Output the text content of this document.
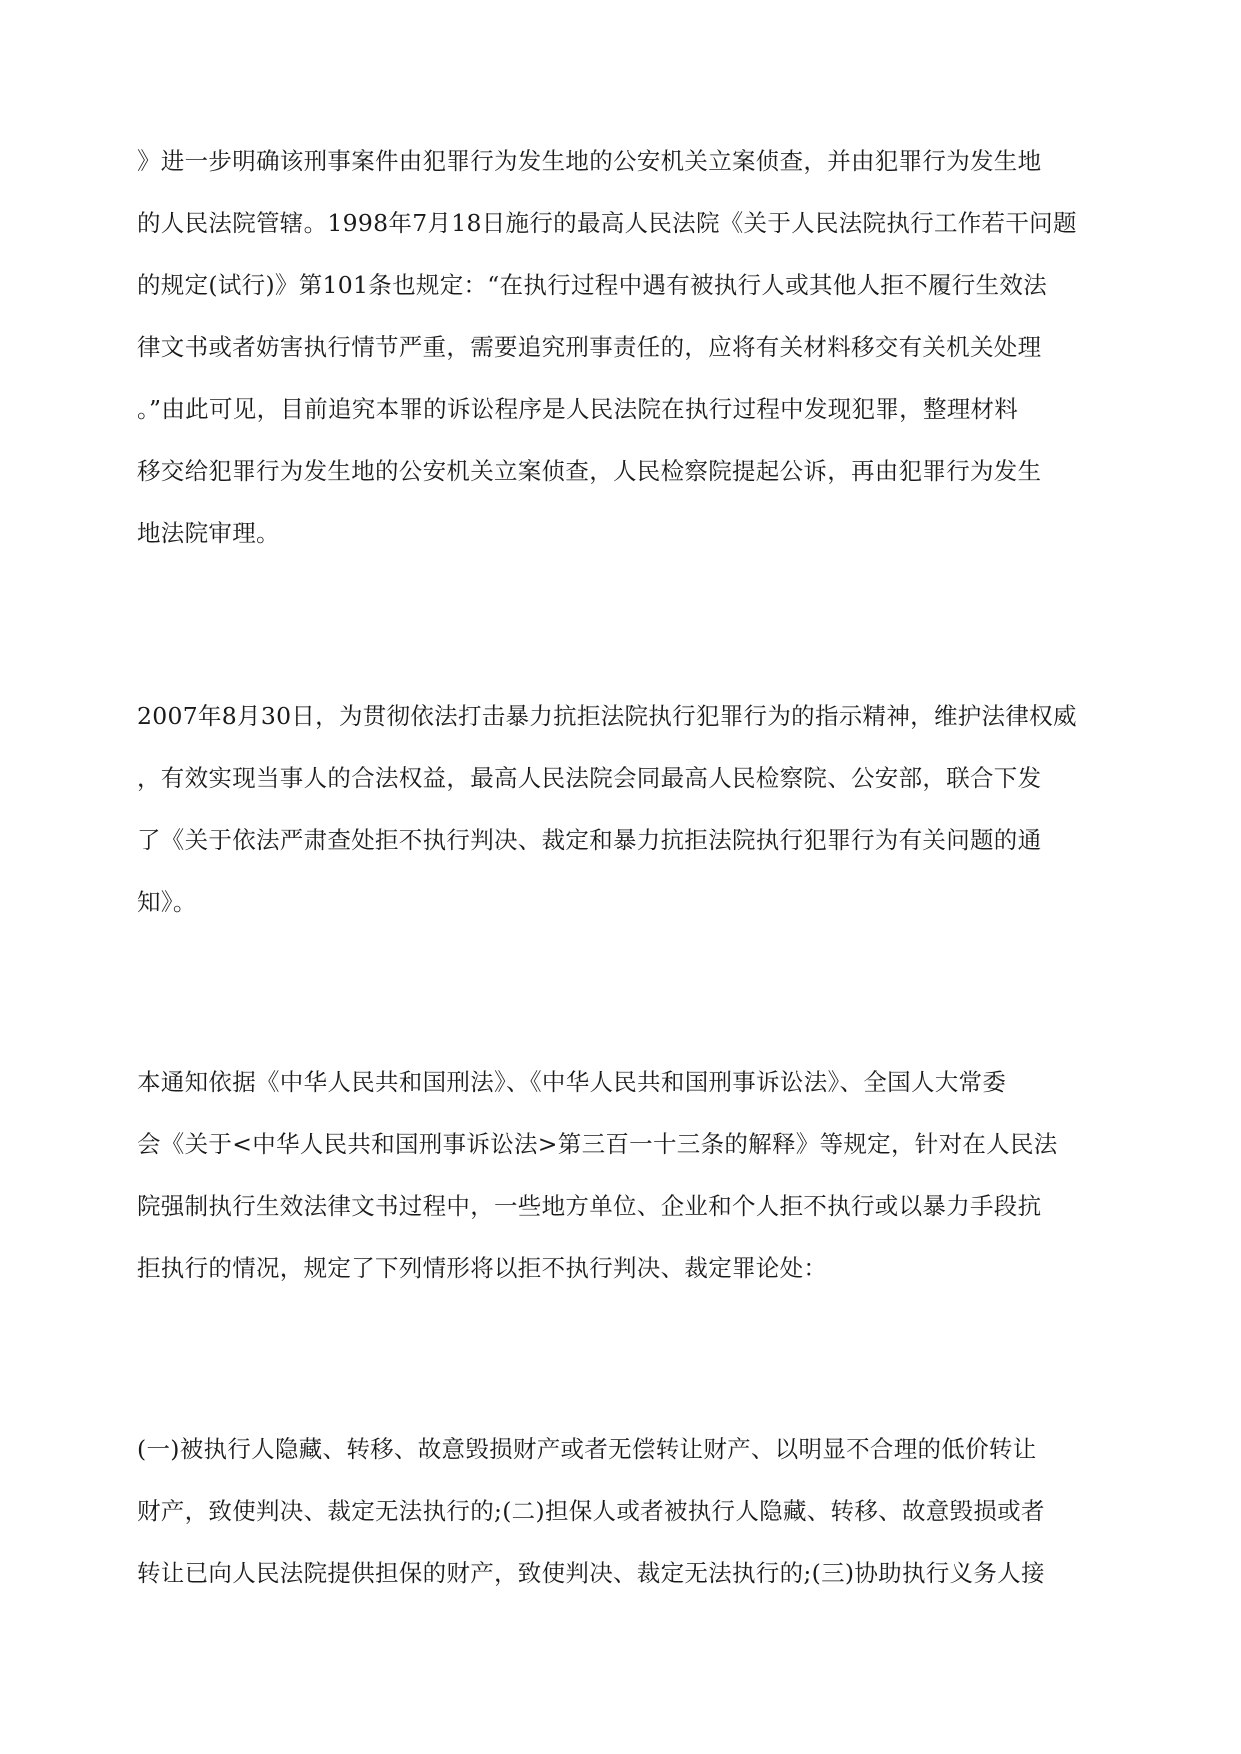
》进一步明确该刑事案件由犯罪行为发生地的公安机关立案侦查，并由犯罪行为发生地

的人民法院管辖。1998年7月18日施行的最高人民法院《关于人民法院执行工作若干问题

的规定(试行)》第101条也规定：“在执行过程中遇有被执行人或其他人拒不履行生效法

律文书或者妨害执行情节严重，需要追究刑事责任的，应将有关材料移交有关机关处理

。”由此可见，目前追究本罪的诉讼程序是人民法院在执行过程中发现犯罪，整理材料

移交给犯罪行为发生地的公安机关立案侦查，人民检察院提起公诉，再由犯罪行为发生

地法院审理。

2007年8月30日，为贯彻依法打击暴力抗拒法院执行犯罪行为的指示精神，维护法律权威

，有效实现当事人的合法权益，最高人民法院会同最高人民检察院、公安部，联合下发

了《关于依法严肃查处拒不执行判决、裁定和暴力抗拒法院执行犯罪行为有关问题的通

知》。

本通知依据《中华人民共和国刑法》、《中华人民共和国刑事诉讼法》、全国人大常委

会《关于<中华人民共和国刑事诉讼法>第三百一十三条的解释》等规定，针对在人民法

院强制执行生效法律文书过程中，一些地方单位、企业和个人拒不执行或以暴力手段抗

拒执行的情况，规定了下列情形将以拒不执行判决、裁定罪论处：

(一)被执行人隐藏、转移、故意毁损财产或者无偿转让财产、以明显不合理的低价转让

财产，致使判决、裁定无法执行的;(二)担保人或者被执行人隐藏、转移、故意毁损或者

转让已向人民法院提供担保的财产，致使判决、裁定无法执行的;(三)协助执行义务人接
